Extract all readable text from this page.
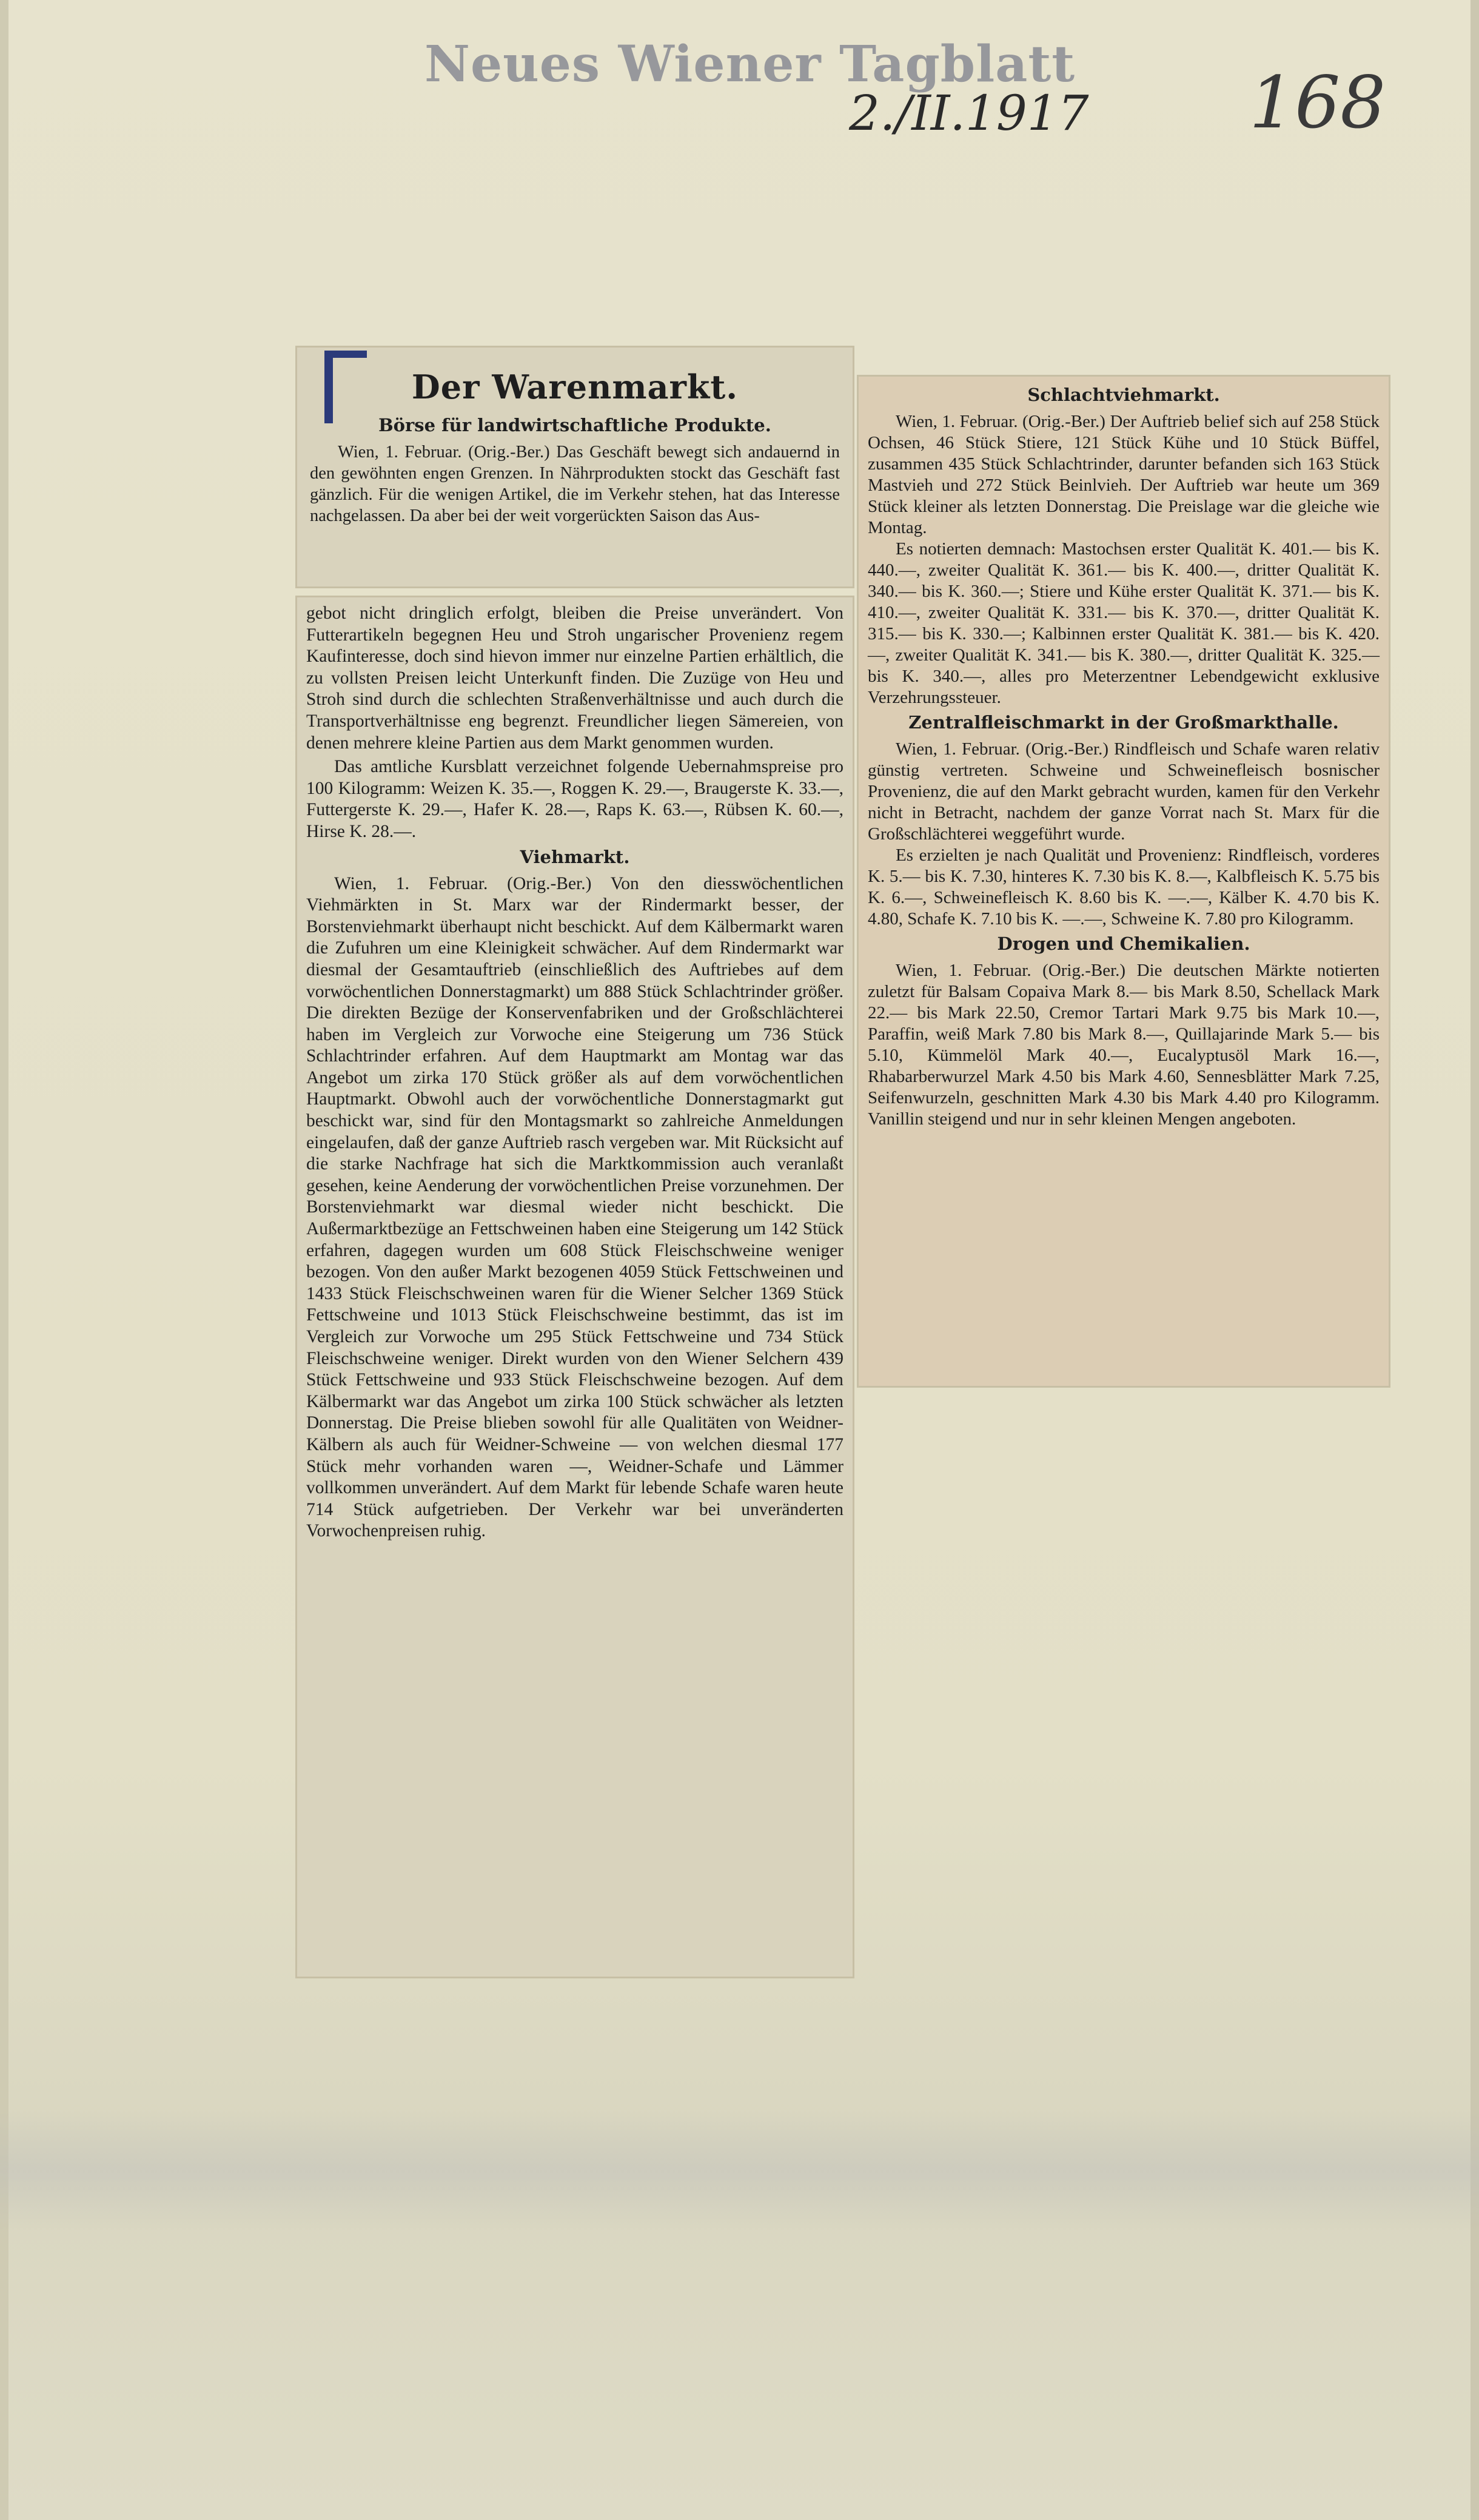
Neues Wiener Tagblatt
2./II.1917 168
Der Warenmarkt.
Börse für landwirtschaftliche Produkte.

Wien, 1. Februar. (Orig.-Ber.) Das Geschäft bewegt sich andauernd in den gewöhnten engen Grenzen. In Nährprodukten stockt das Geschäft fast gänzlich. Für die wenigen Artikel, die im Verkehr stehen, hat das Interesse nachgelassen. Da aber bei der weit vorgerückten Saison das Aus-

gebot nicht dringlich erfolgt, bleiben die Preise unverändert. Von Futterartikeln begegnen Heu und Stroh ungarischer Provenienz regem Kaufinteresse, doch sind hievon immer nur einzelne Partien erhältlich, die zu vollsten Preisen leicht Unterkunft finden. Die Zuzüge von Heu und Stroh sind durch die schlechten Straßenverhältnisse und auch durch die Transportverhältnisse eng begrenzt. Freundlicher liegen Sämereien, von denen mehrere kleine Partien aus dem Markt genommen wurden.

Das amtliche Kursblatt verzeichnet folgende Uebernahmspreise pro 100 Kilogramm: Weizen K. 35.—, Roggen K. 29.—, Braugerste K. 33.—, Futtergerste K. 29.—, Hafer K. 28.—, Raps K. 63.—, Rübsen K. 60.—, Hirse K. 28.—.

Viehmarkt.

Wien, 1. Februar. (Orig.-Ber.) Von den diesswöchentlichen Viehmärkten in St. Marx war der Rindermarkt besser, der Borstenviehmarkt überhaupt nicht beschickt. Auf dem Kälbermarkt waren die Zufuhren um eine Kleinigkeit schwächer. Auf dem Rindermarkt war diesmal der Gesamtauftrieb (einschließlich des Auftriebes auf dem vorwöchentlichen Donnerstagmarkt) um 888 Stück Schlachtrinder größer. Die direkten Bezüge der Konservenfabriken und der Großschlächterei haben im Vergleich zur Vorwoche eine Steigerung um 736 Stück Schlachtrinder erfahren. Auf dem Hauptmarkt am Montag war das Angebot um zirka 170 Stück größer als auf dem vorwöchentlichen Hauptmarkt. Obwohl auch der vorwöchentliche Donnerstagmarkt gut beschickt war, sind für den Montagsmarkt so zahlreiche Anmeldungen eingelaufen, daß der ganze Auftrieb rasch vergeben war. Mit Rücksicht auf die starke Nachfrage hat sich die Marktkommission auch veranlaßt gesehen, keine Aenderung der vorwöchentlichen Preise vorzunehmen. Der Borstenviehmarkt war diesmal wieder nicht beschickt. Die Außermarktbezüge an Fettschweinen haben eine Steigerung um 142 Stück erfahren, dagegen wurden um 608 Stück Fleischschweine weniger bezogen. Von den außer Markt bezogenen 4059 Stück Fettschweinen und 1433 Stück Fleischschweinen waren für die Wiener Selcher 1369 Stück Fettschweine und 1013 Stück Fleischschweine bestimmt, das ist im Vergleich zur Vorwoche um 295 Stück Fettschweine und 734 Stück Fleischschweine weniger. Direkt wurden von den Wiener Selchern 439 Stück Fettschweine und 933 Stück Fleischschweine bezogen. Auf dem Kälbermarkt war das Angebot um zirka 100 Stück schwächer als letzten Donnerstag. Die Preise blieben sowohl für alle Qualitäten von Weidner-Kälbern als auch für Weidner-Schweine — von welchen diesmal 177 Stück mehr vorhanden waren —, Weidner-Schafe und Lämmer vollkommen unverändert. Auf dem Markt für lebende Schafe waren heute 714 Stück aufgetrieben. Der Verkehr war bei unveränderten Vorwochenpreisen ruhig.

Schlachtviehmarkt.

Wien, 1. Februar. (Orig.-Ber.) Der Auftrieb belief sich auf 258 Stück Ochsen, 46 Stück Stiere, 121 Stück Kühe und 10 Stück Büffel, zusammen 435 Stück Schlachtrinder, darunter befanden sich 163 Stück Mastvieh und 272 Stück Beinlvieh. Der Auftrieb war heute um 369 Stück kleiner als letzten Donnerstag. Die Preislage war die gleiche wie Montag.

Es notierten demnach: Mastochsen erster Qualität K. 401.— bis K. 440.—, zweiter Qualität K. 361.— bis K. 400.—, dritter Qualität K. 340.— bis K. 360.—; Stiere und Kühe erster Qualität K. 371.— bis K. 410.—, zweiter Qualität K. 331.— bis K. 370.—, dritter Qualität K. 315.— bis K. 330.—; Kalbinnen erster Qualität K. 381.— bis K. 420.—, zweiter Qualität K. 341.— bis K. 380.—, dritter Qualität K. 325.— bis K. 340.—, alles pro Meterzentner Lebendgewicht exklusive Verzehrungssteuer.

Zentralfleischmarkt in der Großmarkthalle.

Wien, 1. Februar. (Orig.-Ber.) Rindfleisch und Schafe waren relativ günstig vertreten. Schweine und Schweinefleisch bosnischer Provenienz, die auf den Markt gebracht wurden, kamen für den Verkehr nicht in Betracht, nachdem der ganze Vorrat nach St. Marx für die Großschlächterei weggeführt wurde.

Es erzielten je nach Qualität und Provenienz: Rindfleisch, vorderes K. 5.— bis K. 7.30, hinteres K. 7.30 bis K. 8.—, Kalbfleisch K. 5.75 bis K. 6.—, Schweinefleisch K. 8.60 bis K. —.—, Kälber K. 4.70 bis K. 4.80, Schafe K. 7.10 bis K. —.—, Schweine K. 7.80 pro Kilogramm.

Drogen und Chemikalien.

Wien, 1. Februar. (Orig.-Ber.) Die deutschen Märkte notierten zuletzt für Balsam Copaiva Mark 8.— bis Mark 8.50, Schellack Mark 22.— bis Mark 22.50, Cremor Tartari Mark 9.75 bis Mark 10.—, Paraffin, weiß Mark 7.80 bis Mark 8.—, Quillajarinde Mark 5.— bis 5.10, Kümmelöl Mark 40.—, Eucalyptusöl Mark 16.—, Rhabarberwurzel Mark 4.50 bis Mark 4.60, Sennesblätter Mark 7.25, Seifenwurzeln, geschnitten Mark 4.30 bis Mark 4.40 pro Kilogramm. Vanillin steigend und nur in sehr kleinen Mengen angeboten.
